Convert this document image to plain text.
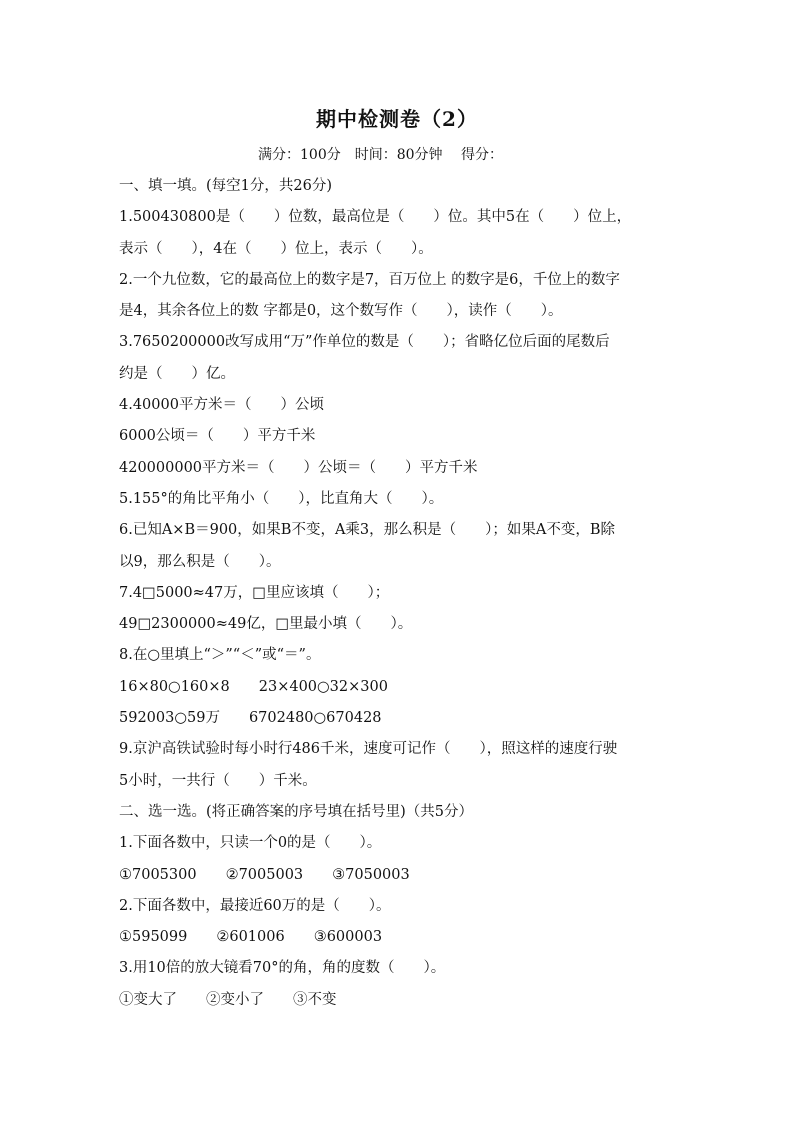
期中检测卷（2）
满分：100分　时间：80分钟　 得分：
一、填一填。(每空1分，共26分)
1.500430800是（　　）位数，最高位是（　　）位。其中5在（　　）位上，
表示（　　），4在（　　）位上，表示（　　）。
2.一个九位数，它的最高位上的数字是7，百万位上 的数字是6，千位上的数字
是4，其余各位上的数 字都是0，这个数写作（　　），读作（　　）。
3.7650200000改写成用“万”作单位的数是（　　）；省略亿位后面的尾数后
约是（　　）亿。
4.40000平方米＝（　　）公顷
6000公顷＝（　　）平方千米
420000000平方米＝（　　）公顷＝（　　）平方千米
5.155°的角比平角小（　　），比直角大（　　）。
6.已知A×B＝900，如果B不变，A乘3，那么积是（　　）；如果A不变，B除
以9，那么积是（　　）。
7.4□5000≈47万，□里应该填（　　）；
49□2300000≈49亿，□里最小填（　　）。
8.在○里填上“＞”“＜”或“＝”。
16×80○160×8　　23×400○32×300
592003○59万　　6702480○670428
9.京沪高铁试验时每小时行486千米，速度可记作（　　），照这样的速度行驶
5小时，一共行（　　）千米。
二、选一选。(将正确答案的序号填在括号里)（共5分）
1.下面各数中，只读一个0的是（　　）。
①7005300　　②7005003　　③7050003
2.下面各数中，最接近60万的是（　　）。
①595099　　②601006　　③600003
3.用10倍的放大镜看70°的角，角的度数（　　）。
①变大了　　②变小了　　③不变
